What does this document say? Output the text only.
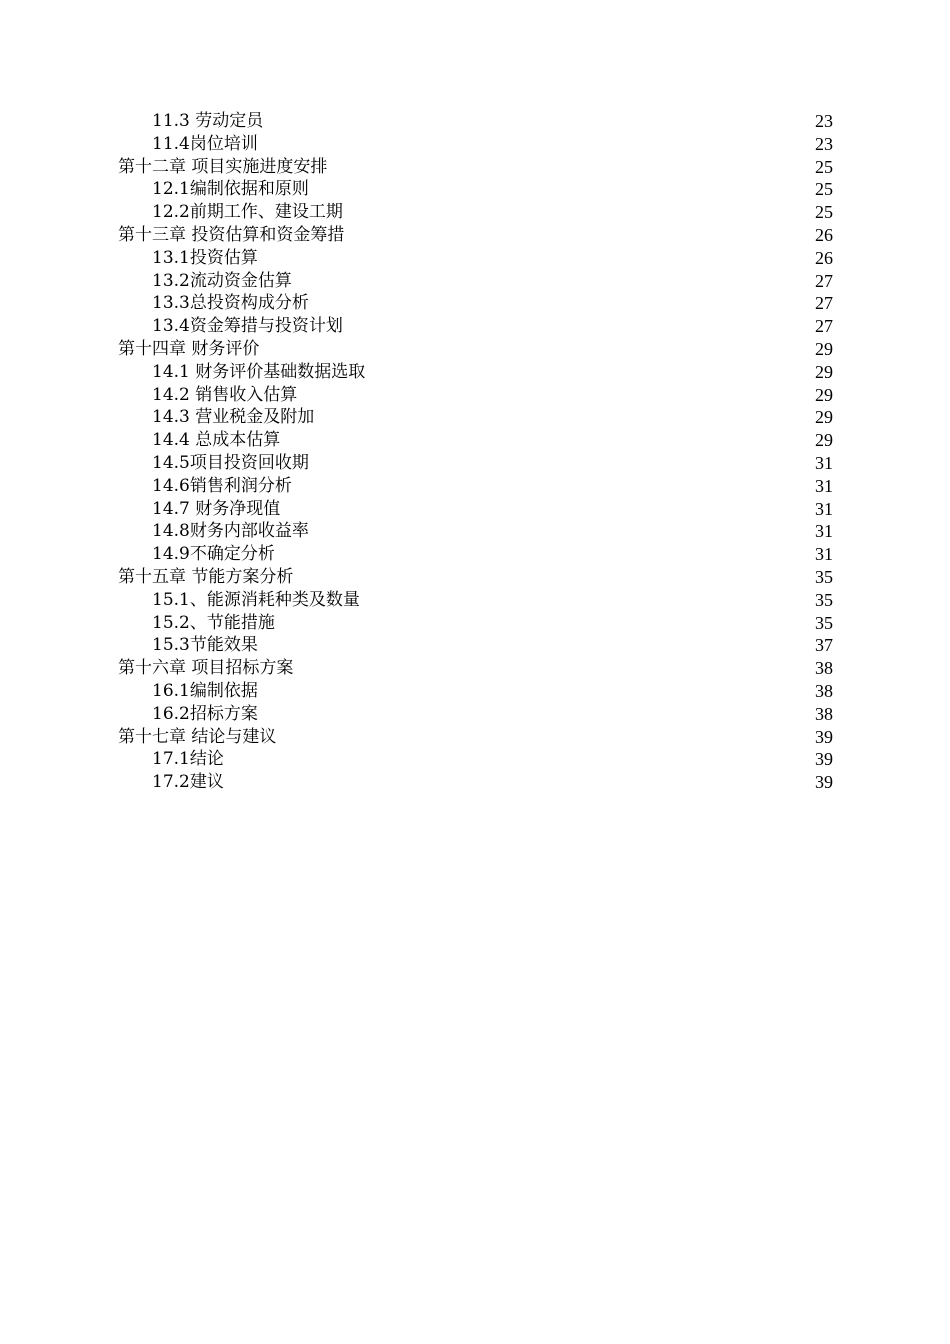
11.3 劳动定员	23
11.4岗位培训	23
第十二章 项目实施进度安排	25
12.1编制依据和原则	25
12.2前期工作、建设工期	25
第十三章 投资估算和资金筹措	26
13.1投资估算	26
13.2流动资金估算	27
13.3总投资构成分析	27
13.4资金筹措与投资计划	27
第十四章 财务评价	29
14.1 财务评价基础数据选取	29
14.2 销售收入估算	29
14.3 营业税金及附加	29
14.4 总成本估算	29
14.5项目投资回收期	31
14.6销售利润分析	31
14.7 财务净现值	31
14.8财务内部收益率	31
14.9不确定分析	31
第十五章 节能方案分析	35
15.1、能源消耗种类及数量	35
15.2、节能措施	35
15.3节能效果	37
第十六章 项目招标方案	38
16.1编制依据	38
16.2招标方案	38
第十七章 结论与建议	39
17.1结论	39
17.2建议	39
